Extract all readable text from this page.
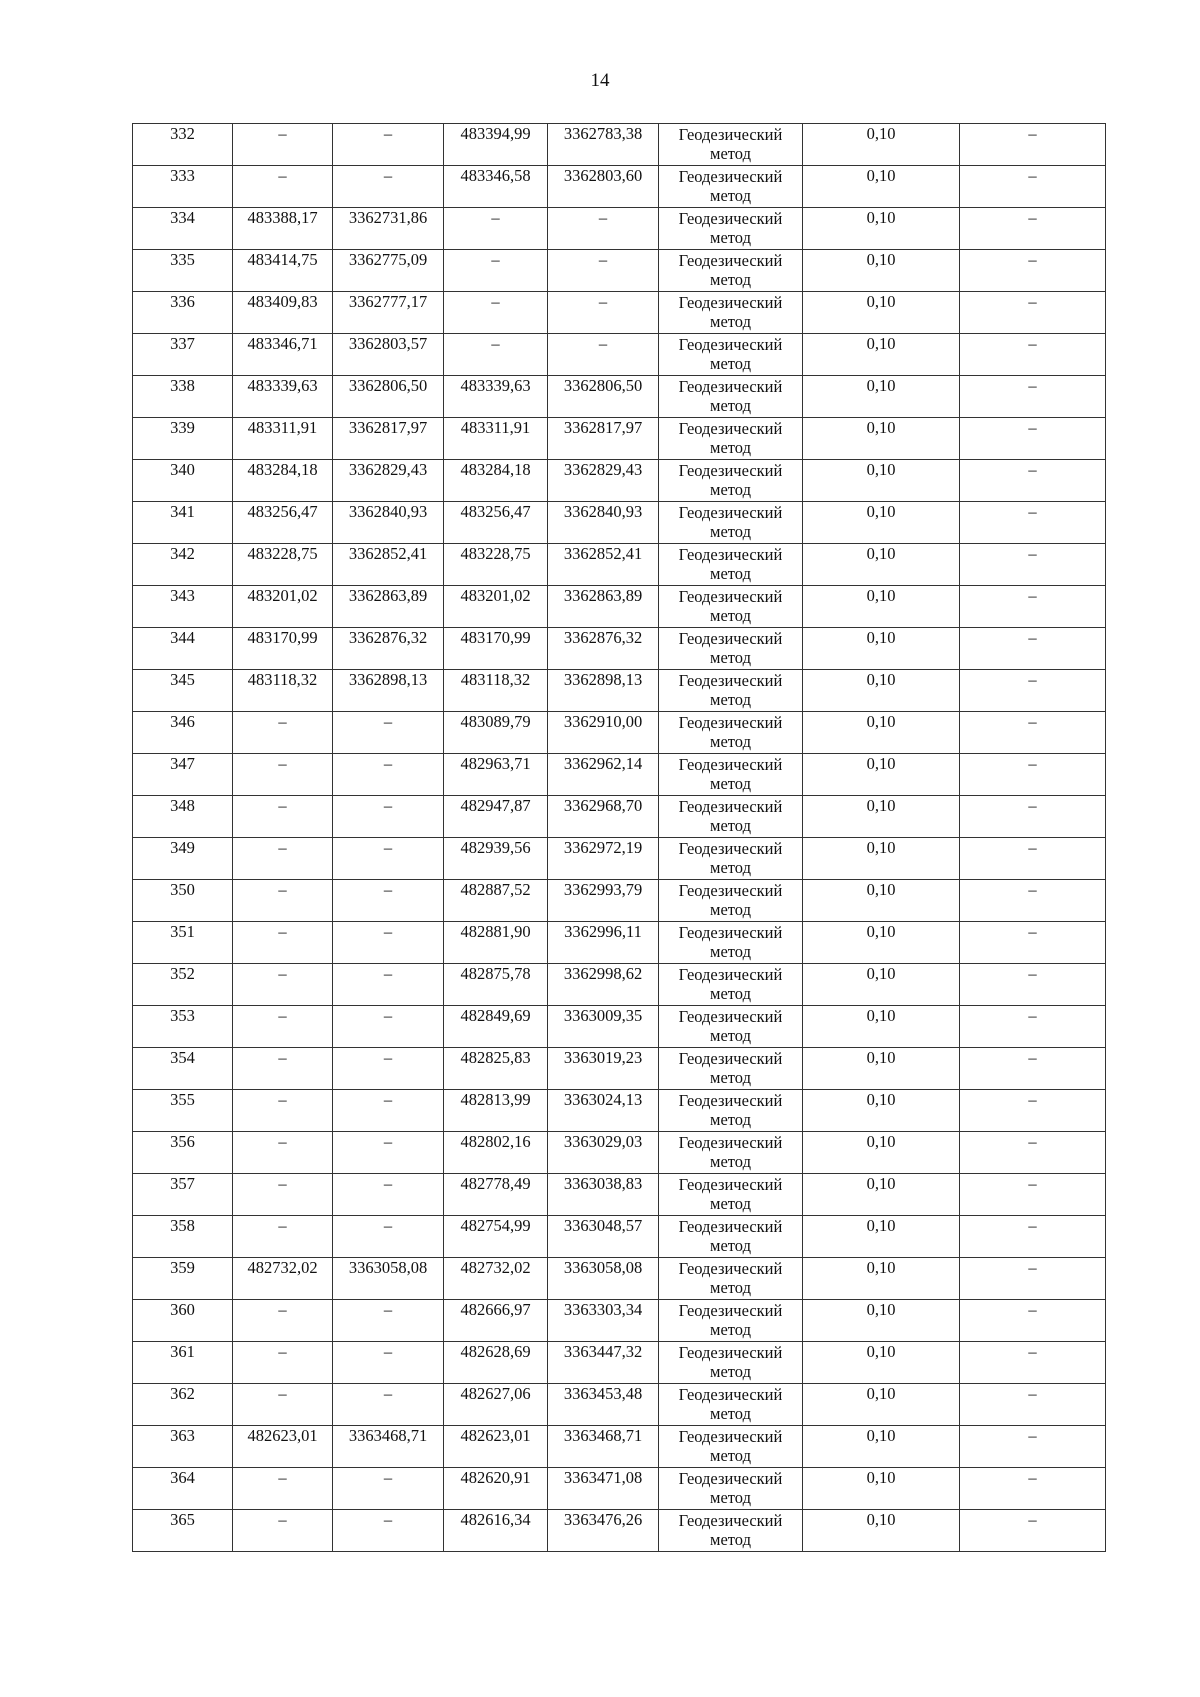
14
332	–	–	483394,99	3362783,38	Геодезический метод	0,10	–
333	–	–	483346,58	3362803,60	Геодезический метод	0,10	–
334	483388,17	3362731,86	–	–	Геодезический метод	0,10	–
335	483414,75	3362775,09	–	–	Геодезический метод	0,10	–
336	483409,83	3362777,17	–	–	Геодезический метод	0,10	–
337	483346,71	3362803,57	–	–	Геодезический метод	0,10	–
338	483339,63	3362806,50	483339,63	3362806,50	Геодезический метод	0,10	–
339	483311,91	3362817,97	483311,91	3362817,97	Геодезический метод	0,10	–
340	483284,18	3362829,43	483284,18	3362829,43	Геодезический метод	0,10	–
341	483256,47	3362840,93	483256,47	3362840,93	Геодезический метод	0,10	–
342	483228,75	3362852,41	483228,75	3362852,41	Геодезический метод	0,10	–
343	483201,02	3362863,89	483201,02	3362863,89	Геодезический метод	0,10	–
344	483170,99	3362876,32	483170,99	3362876,32	Геодезический метод	0,10	–
345	483118,32	3362898,13	483118,32	3362898,13	Геодезический метод	0,10	–
346	–	–	483089,79	3362910,00	Геодезический метод	0,10	–
347	–	–	482963,71	3362962,14	Геодезический метод	0,10	–
348	–	–	482947,87	3362968,70	Геодезический метод	0,10	–
349	–	–	482939,56	3362972,19	Геодезический метод	0,10	–
350	–	–	482887,52	3362993,79	Геодезический метод	0,10	–
351	–	–	482881,90	3362996,11	Геодезический метод	0,10	–
352	–	–	482875,78	3362998,62	Геодезический метод	0,10	–
353	–	–	482849,69	3363009,35	Геодезический метод	0,10	–
354	–	–	482825,83	3363019,23	Геодезический метод	0,10	–
355	–	–	482813,99	3363024,13	Геодезический метод	0,10	–
356	–	–	482802,16	3363029,03	Геодезический метод	0,10	–
357	–	–	482778,49	3363038,83	Геодезический метод	0,10	–
358	–	–	482754,99	3363048,57	Геодезический метод	0,10	–
359	482732,02	3363058,08	482732,02	3363058,08	Геодезический метод	0,10	–
360	–	–	482666,97	3363303,34	Геодезический метод	0,10	–
361	–	–	482628,69	3363447,32	Геодезический метод	0,10	–
362	–	–	482627,06	3363453,48	Геодезический метод	0,10	–
363	482623,01	3363468,71	482623,01	3363468,71	Геодезический метод	0,10	–
364	–	–	482620,91	3363471,08	Геодезический метод	0,10	–
365	–	–	482616,34	3363476,26	Геодезический метод	0,10	–
